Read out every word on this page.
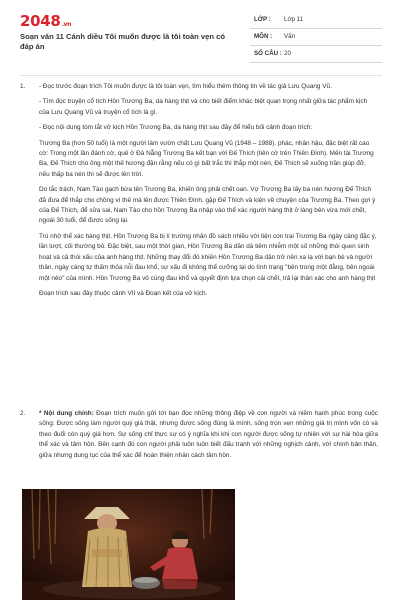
2048.vn
Soạn văn 11 Cánh diều Tôi muốn được là tôi toàn vẹn có đáp án
LỚP : Lớp 11
MÔN : Văn
SỐ CÂU : 20
1. - Đọc trước đoạn trích Tôi muốn được là tôi toàn vẹn, tìm hiểu thêm thông tin về tác giả Lưu Quang Vũ.

- Tìm đọc truyện cổ tích Hồn Trương Ba, da hàng thịt và cho biết điểm khác biệt quan trọng nhất giữa tác phẩm kịch của Lưu Quang Vũ và truyện cổ tích là gì.

- Đọc nội dung tóm tắt vở kịch Hồn Trương Ba, da hàng thịt sau đây để hiểu bối cảnh đoạn trích:

Trương Ba (hơn 50 tuổi) là một người làm vườn chất Lưu Quang Vũ (1948 – 1988). phác, nhân hậu, đặc biệt rất cao cờ: Trong một lần đánh cờ, quê ở Đà Nẵng Trương Ba kết bạn với Đế Thích (tiên cờ trên Thiên Đình). Mến tài Trương Ba, Đế Thích cho ông một thế hương đặn rằng nếu có gì bất trắc thì thắp một nén, Đế Thích sẽ xuống trần giúp đỡ, nếu thấp ba nén thì sẽ được lên trời.

Do tắc trách, Nam Tào gạch bừa tên Trương Ba, khiến ông phải chết oan. Vợ Trương Ba lấy ba nén hương Đế Thích đã đưa để thắp cho chồng vì thế mà lên được Thiên Đình, gặp Đế Thích và kiện về chuyện của Trương Ba. Theo gợi ý của Đế Thích, để sửa sai, Nam Tào cho hồn Trương Ba nhập vào thể xác người hàng thịt ở làng bên vừa mới chết, ngoài 30 tuổi, để được sống lại.

Trú nhờ thể xác hàng thịt. Hồn Trương Ba bị lí trường nhân đồ sách nhiều với tiện con trai Trương Ba ngày càng đặc ý, lần lượt, cối thường bỏ. Đặc biệt, sau một thời gian, Hồn Trương Ba dần dà tiêm nhiễm một số những thói quen sinh hoạt và cả thói xấu của anh hàng thịt. Những thay đổi đó khiến Hồn Trương Ba dần trở nên xa lạ với bạn bè và người thân, ngày càng tự thấm thỏa nỗi đau khổ, sự xấu đi không thể cưỡng lại do tình trạng "bên trong một đằng, bên ngoài một nẻo" của mình. Hồn Trương Ba vô cùng đau khổ và quyết định lựa chọn cái chết, trả lại thân xác cho anh hàng thịt

Đoạn trích sau đây thuộc cảnh VII và Đoạn kết của vở kịch.

2. * Nội dung chính: Đoạn trích muốn gửi tới bạn đọc những thông điệp về con người và niềm hạnh phúc trong cuộc sống: Được sống làm người quý giá thật, nhưng được sống đúng là mình, sống trọn vẹn những giá trị mình vốn có và theo đuổi còn quý giá hơn. Sự sống chỉ thực sự có ý nghĩa khi khi con người được sống tự nhiên với sự hài hòa giữa thể xác và tâm hồn. Bên cạnh đó con người phải luôn luôn biết đấu tranh với những nghịch cảnh, với chính bản thân, giữa nhưng dung tục của thể xác để hoàn thiện nhân cách tâm hồn.
